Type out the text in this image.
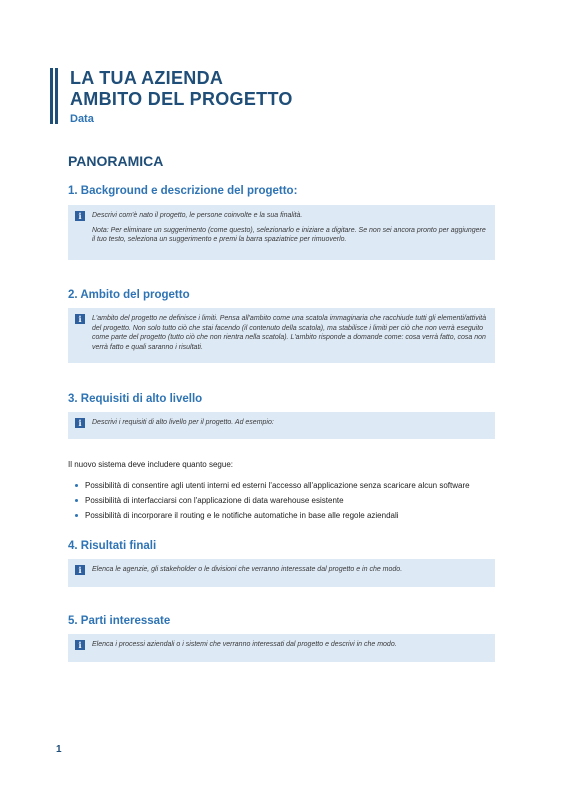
LA TUA AZIENDA
AMBITO DEL PROGETTO
Data
PANORAMICA
1. Background e descrizione del progetto:
i	Descrivi com'è nato il progetto, le persone coinvolte e la sua finalità.

Nota: Per eliminare un suggerimento (come questo), selezionarlo e iniziare a digitare. Se non sei ancora pronto per aggiungere il tuo testo, seleziona un suggerimento e premi la barra spaziatrice per rimuoverlo.

2. Ambito del progetto
i	L'ambito del progetto ne definisce i limiti. Pensa all'ambito come una scatola immaginaria che racchiude tutti gli elementi/attività del progetto. Non solo tutto ciò che stai facendo (il contenuto della scatola), ma stabilisce i limiti per ciò che non verrà eseguito come parte del progetto (tutto ciò che non rientra nella scatola). L'ambito risponde a domande come: cosa verrà fatto, cosa non verrà fatto e quali saranno i risultati.

3. Requisiti di alto livello
i	Descrivi i requisiti di alto livello per il progetto. Ad esempio:

Il nuovo sistema deve includere quanto segue:

Possibilità di consentire agli utenti interni ed esterni l'accesso all'applicazione senza scaricare alcun software
Possibilità di interfacciarsi con l'applicazione di data warehouse esistente
Possibilità di incorporare il routing e le notifiche automatiche in base alle regole aziendali
4. Risultati finali
i	Elenca le agenzie, gli stakeholder o le divisioni che verranno interessate dal progetto e in che modo.

5. Parti interessate
i	Elenca i processi aziendali o i sistemi che verranno interessati dal progetto e descrivi in che modo.

1
